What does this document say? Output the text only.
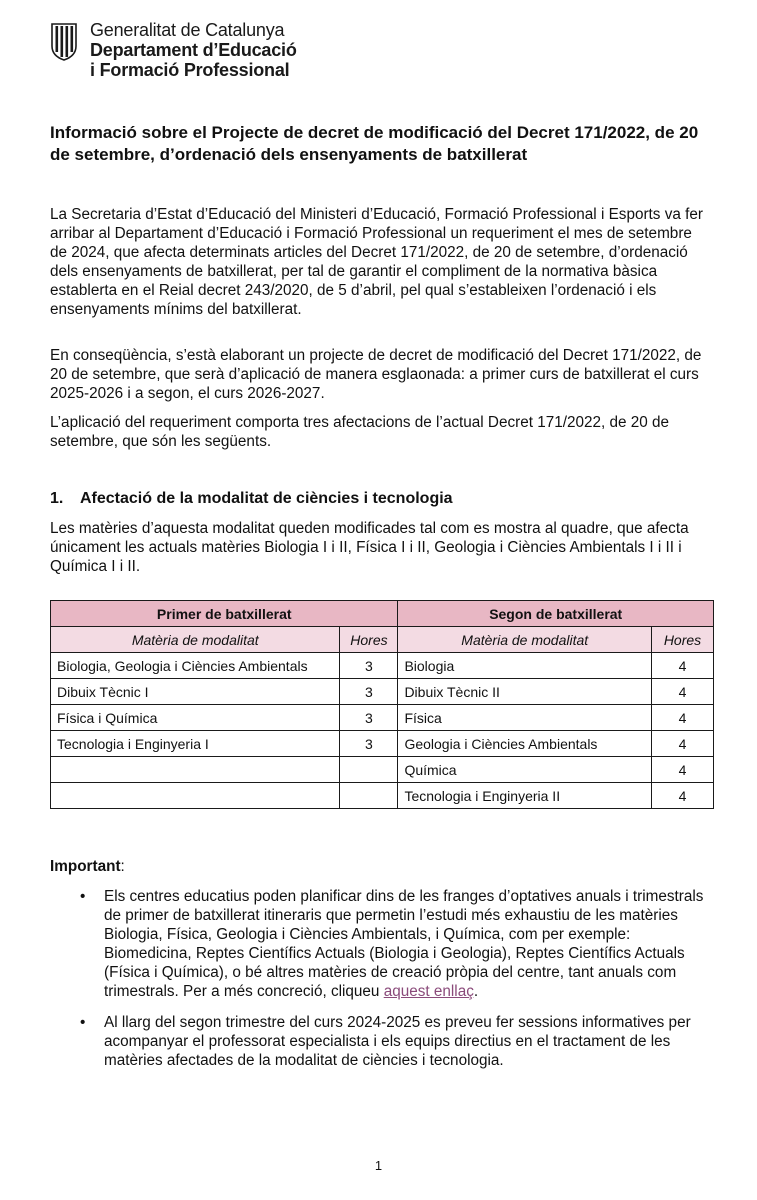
Generalitat de Catalunya
Departament d’Educació
i Formació Professional
Informació sobre el Projecte de decret de modificació del Decret 171/2022, de 20 de setembre, d’ordenació dels ensenyaments de batxillerat

La Secretaria d’Estat d’Educació del Ministeri d’Educació, Formació Professional i Esports va fer arribar al Departament d’Educació i Formació Professional un requeriment el mes de setembre de 2024, que afecta determinats articles del Decret 171/2022, de 20 de setembre, d’ordenació dels ensenyaments de batxillerat, per tal de garantir el compliment de la normativa bàsica establerta en el Reial decret 243/2020, de 5 d’abril, pel qual s’estableixen l’ordenació i els ensenyaments mínims del batxillerat.

En conseqüència, s’està elaborant un projecte de decret de modificació del Decret 171/2022, de 20 de setembre, que serà d’aplicació de manera esglaonada: a primer curs de batxillerat el curs 2025-2026 i a segon, el curs 2026-2027.

L’aplicació del requeriment comporta tres afectacions de l’actual Decret 171/2022, de 20 de setembre, que són les següents.

1. Afectació de la modalitat de ciències i tecnologia

Les matèries d’aquesta modalitat queden modificades tal com es mostra al quadre, que afecta únicament les actuals matèries Biologia I i II, Física I i II, Geologia i Ciències Ambientals I i II i Química I i II.

Primer de batxillerat		Segon de batxillerat	
Matèria de modalitat	Hores	Matèria de modalitat	Hores
Biologia, Geologia i Ciències Ambientals	3	Biologia	4
Dibuix Tècnic I	3	Dibuix Tècnic II	4
Física i Química	3	Física	4
Tecnologia i Enginyeria I	3	Geologia i Ciències Ambientals	4
		Química	4
		Tecnologia i Enginyeria II	4

Important:

• Els centres educatius poden planificar dins de les franges d’optatives anuals i trimestrals de primer de batxillerat itineraris que permetin l’estudi més exhaustiu de les matèries Biologia, Física, Geologia i Ciències Ambientals, i Química, com per exemple: Biomedicina, Reptes Científics Actuals (Biologia i Geologia), Reptes Científics Actuals (Física i Química), o bé altres matèries de creació pròpia del centre, tant anuals com trimestrals. Per a més concreció, cliqueu aquest enllaç.
• Al llarg del segon trimestre del curs 2024-2025 es preveu fer sessions informatives per acompanyar el professorat especialista i els equips directius en el tractament de les matèries afectades de la modalitat de ciències i tecnologia.
1
